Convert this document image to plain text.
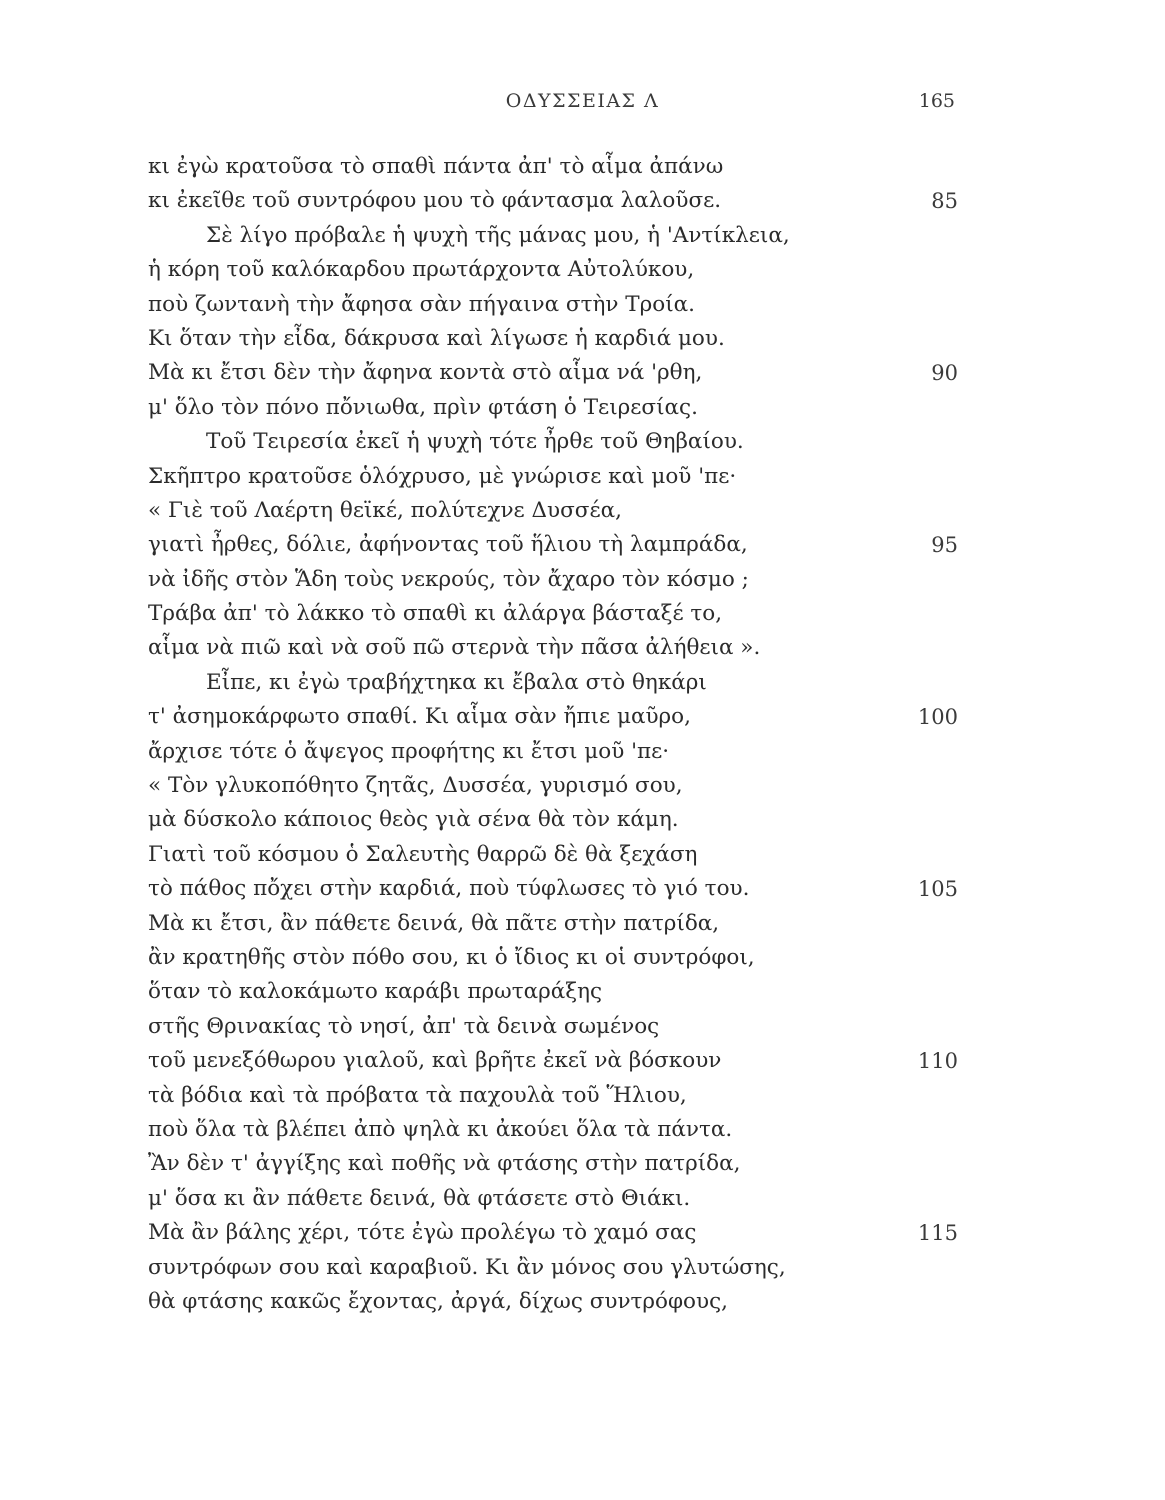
ΟΔΥΣΣΕΙΑΣ Λ	165
κι ἐγὼ κρατοῦσα τὸ σπαθὶ πάντα ἀπ' τὸ αἷμα ἀπάνω
κι ἐκεῖθε τοῦ συντρόφου μου τὸ φάντασμα λαλοῦσε.	85
Σὲ λίγο πρόβαλε ἡ ψυχὴ τῆς μάνας μου, ἡ 'Αντίκλεια,
ἡ κόρη τοῦ καλόκαρδου πρωτάρχοντα Αὐτολύκου,
ποὺ ζωντανὴ τὴν ἄφησα σὰν πήγαινα στὴν Τροία.
Κι ὅταν τὴν εἶδα, δάκρυσα καὶ λίγωσε ἡ καρδιά μου.
Μὰ κι ἔτσι δὲν τὴν ἄφηνα κοντὰ στὸ αἷμα νά 'ρθη,	90
μ' ὅλο τὸν πόνο πὄνιωθα, πρὶν φτάση ὁ Τειρεσίας.
Τοῦ Τειρεσία ἐκεῖ ἡ ψυχὴ τότε ἦρθε τοῦ Θηβαίου.
Σκῆπτρο κρατοῦσε ὁλόχρυσο, μὲ γνώρισε καὶ μοῦ 'πε·
« Γιὲ τοῦ Λαέρτη θεϊκέ, πολύτεχνε Δυσσέα,
γιατὶ ἦρθες, δόλιε, ἀφήνοντας τοῦ ἥλιου τὴ λαμπράδα,	95
νὰ ἰδῆς στὸν Ἅδη τοὺς νεκρούς, τὸν ἄχαρο τὸν κόσμο ;
Τράβα ἀπ' τὸ λάκκο τὸ σπαθὶ κι ἀλάργα βάσταξέ το,
αἷμα νὰ πιῶ καὶ νὰ σοῦ πῶ στερνὰ τὴν πᾶσα ἀλήθεια ».
Εἶπε, κι ἐγὼ τραβήχτηκα κι ἔβαλα στὸ θηκάρι
τ' ἀσημοκάρφωτο σπαθί. Κι αἷμα σὰν ἤπιε μαῦρο,	100
ἄρχισε τότε ὁ ἄψεγος προφήτης κι ἔτσι μοῦ 'πε·
« Τὸν γλυκοπόθητο ζητᾶς, Δυσσέα, γυρισμό σου,
μὰ δύσκολο κάποιος θεὸς γιὰ σένα θὰ τὸν κάμη.
Γιατὶ τοῦ κόσμου ὁ Σαλευτὴς θαρρῶ δὲ θὰ ξεχάση
τὸ πάθος πὄχει στὴν καρδιά, ποὺ τύφλωσες τὸ γιό του.	105
Μὰ κι ἔτσι, ἂν πάθετε δεινά, θὰ πᾶτε στὴν πατρίδα,
ἂν κρατηθῆς στὸν πόθο σου, κι ὁ ἴδιος κι οἱ συντρόφοι,
ὅταν τὸ καλοκάμωτο καράβι πρωταράξης
στῆς Θρινακίας τὸ νησί, ἀπ' τὰ δεινὰ σωμένος
τοῦ μενεξόθωρου γιαλοῦ, καὶ βρῆτε ἐκεῖ νὰ βόσκουν	110
τὰ βόδια καὶ τὰ πρόβατα τὰ παχουλὰ τοῦ Ἥλιου,
ποὺ ὅλα τὰ βλέπει ἀπὸ ψηλὰ κι ἀκούει ὅλα τὰ πάντα.
Ἂν δὲν τ' ἀγγίξης καὶ ποθῆς νὰ φτάσης στὴν πατρίδα,
μ' ὅσα κι ἂν πάθετε δεινά, θὰ φτάσετε στὸ Θιάκι.
Μὰ ἂν βάλης χέρι, τότε ἐγὼ προλέγω τὸ χαμό σας	115
συντρόφων σου καὶ καραβιοῦ. Κι ἂν μόνος σου γλυτώσης,
θὰ φτάσης κακῶς ἔχοντας, ἀργά, δίχως συντρόφους,
